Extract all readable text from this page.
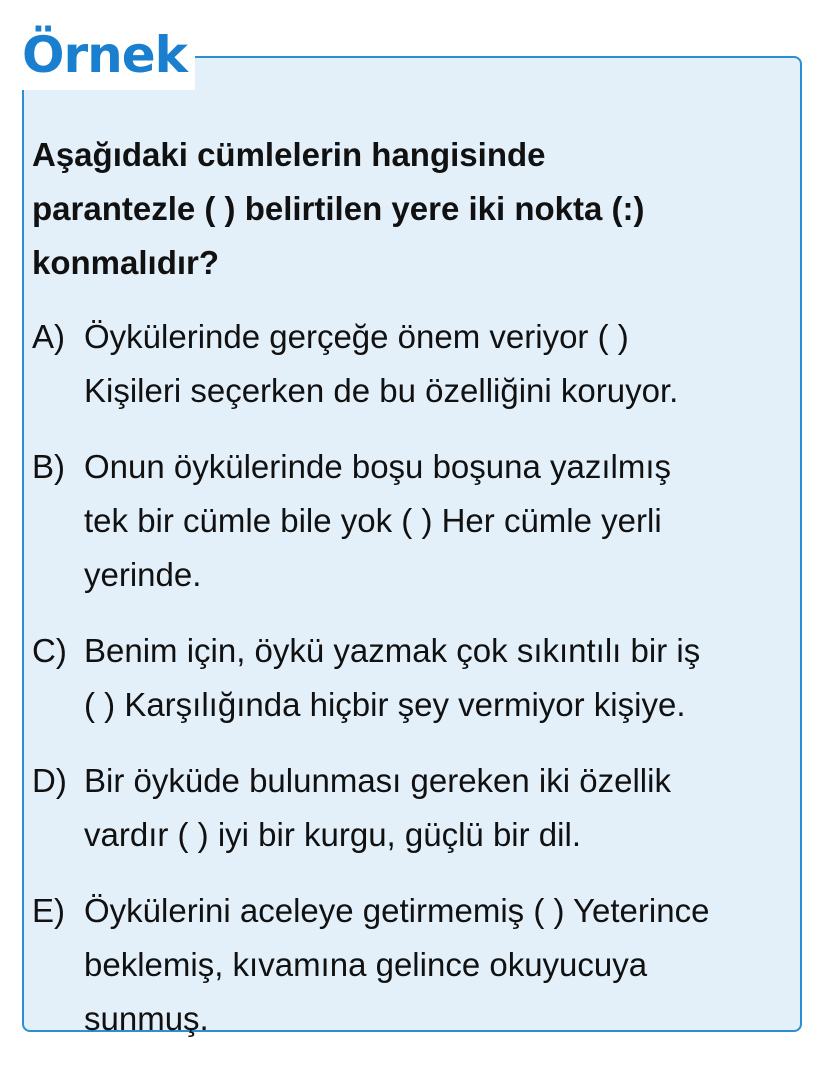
Örnek
Aşağıdaki cümlelerin hangisinde
parantezle ( ) belirtilen yere iki nokta (:)
konmalıdır?
A) Öykülerinde gerçeğe önem veriyor ( )
Kişileri seçerken de bu özelliğini koruyor.
B) Onun öykülerinde boşu boşuna yazılmış
tek bir cümle bile yok ( ) Her cümle yerli
yerinde.
C) Benim için, öykü yazmak çok sıkıntılı bir iş
( ) Karşılığında hiçbir şey vermiyor kişiye.
D) Bir öyküde bulunması gereken iki özellik
vardır ( ) iyi bir kurgu, güçlü bir dil.
E) Öykülerini aceleye getirmemiş ( ) Yeterince
beklemiş, kıvamına gelince okuyucuya
sunmuş.
